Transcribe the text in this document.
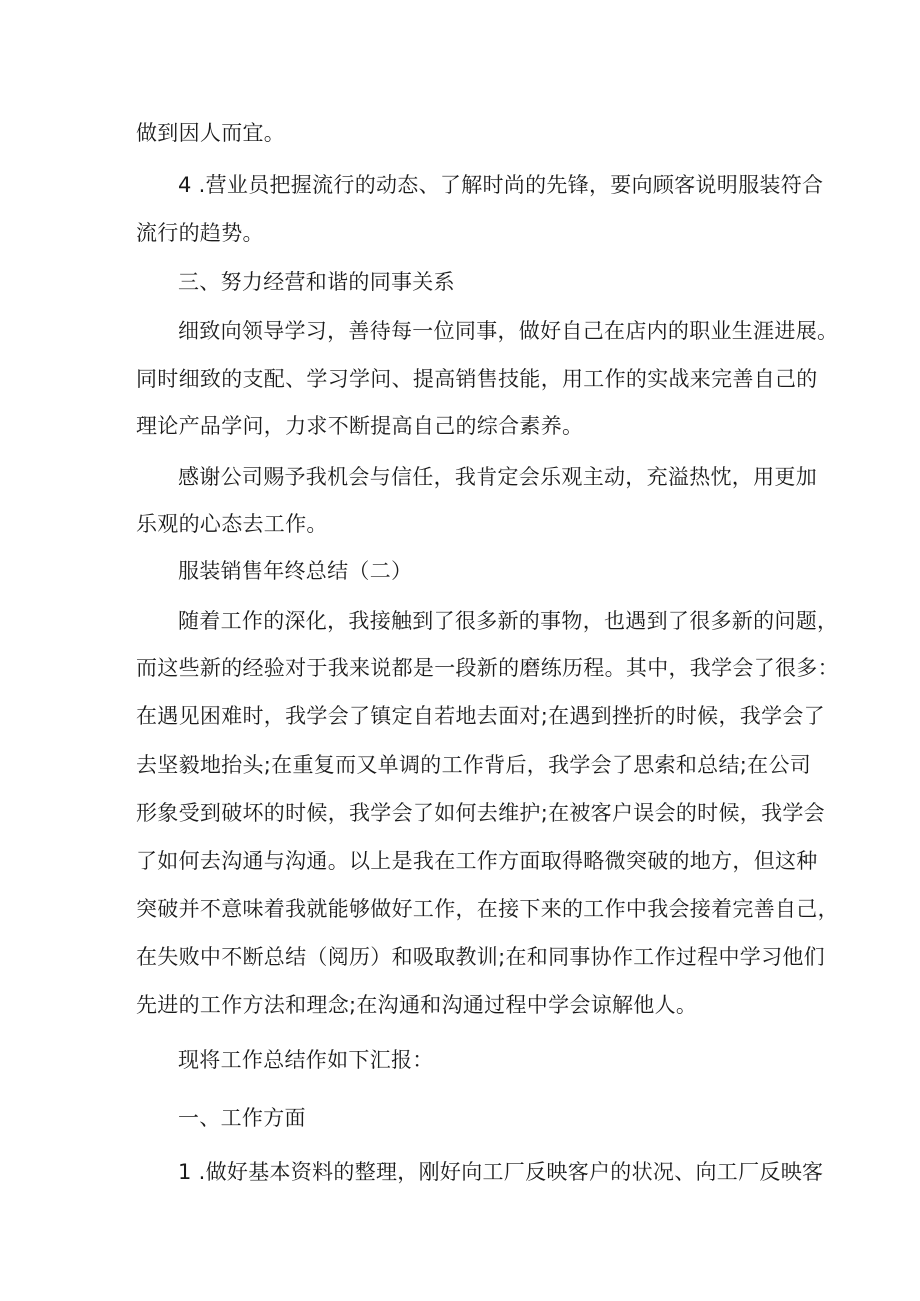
做到因人而宜。
4 .营业员把握流行的动态、了解时尚的先锋，要向顾客说明服装符合
流行的趋势。
三、努力经营和谐的同事关系
细致向领导学习，善待每一位同事，做好自己在店内的职业生涯进展。
同时细致的支配、学习学问、提高销售技能，用工作的实战来完善自己的
理论产品学问，力求不断提高自己的综合素养。
感谢公司赐予我机会与信任，我肯定会乐观主动，充溢热忱，用更加
乐观的心态去工作。
服装销售年终总结（二）
随着工作的深化，我接触到了很多新的事物，也遇到了很多新的问题，
而这些新的经验对于我来说都是一段新的磨练历程。其中，我学会了很多：
在遇见困难时，我学会了镇定自若地去面对;在遇到挫折的时候，我学会了
去坚毅地抬头;在重复而又单调的工作背后，我学会了思索和总结;在公司
形象受到破坏的时候，我学会了如何去维护;在被客户误会的时候，我学会
了如何去沟通与沟通。以上是我在工作方面取得略微突破的地方，但这种
突破并不意味着我就能够做好工作，在接下来的工作中我会接着完善自己，
在失败中不断总结（阅历）和吸取教训;在和同事协作工作过程中学习他们
先进的工作方法和理念;在沟通和沟通过程中学会谅解他人。
现将工作总结作如下汇报：
一、工作方面
1 .做好基本资料的整理，刚好向工厂反映客户的状况、向工厂反映客
